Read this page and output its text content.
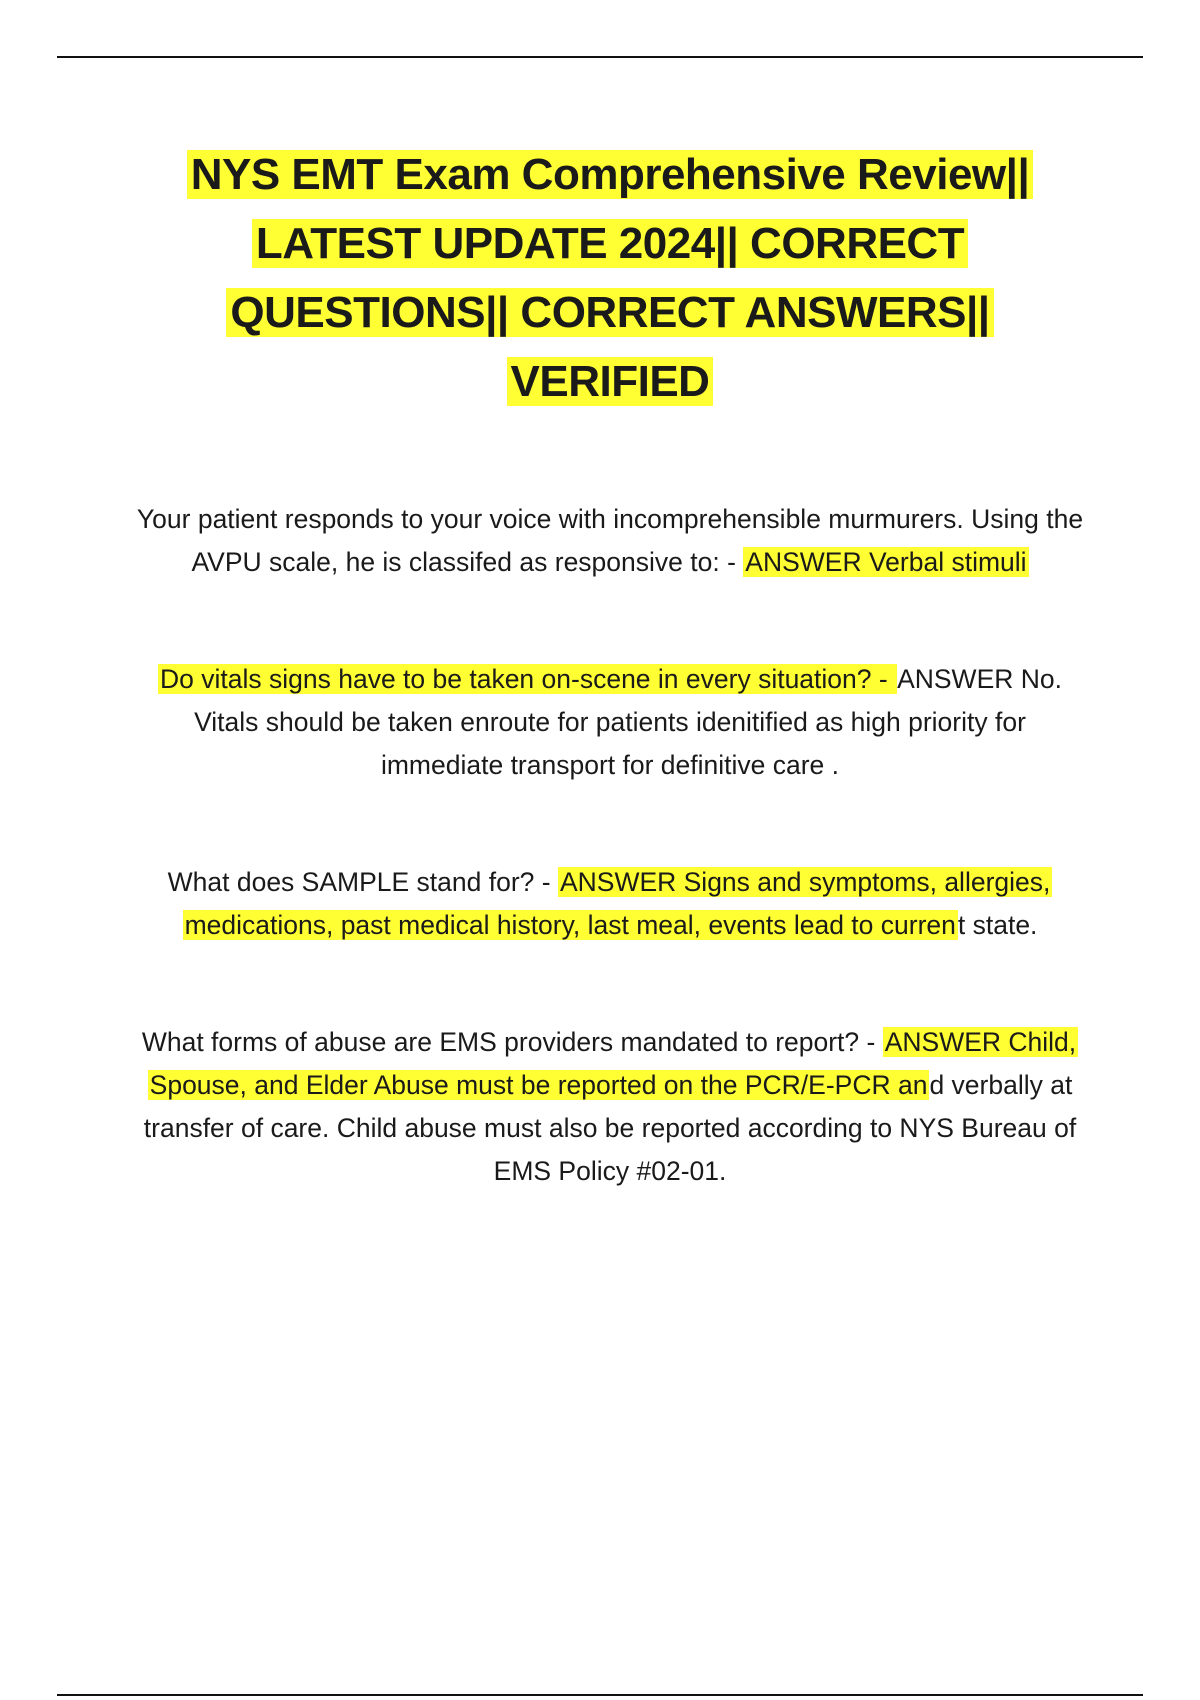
NYS EMT Exam Comprehensive Review|| LATEST UPDATE 2024|| CORRECT QUESTIONS|| CORRECT ANSWERS|| VERIFIED

Your patient responds to your voice with incomprehensible murmurers. Using the AVPU scale, he is classifed as responsive to: - ANSWER Verbal stimuli

Do vitals signs have to be taken on-scene in every situation? - ANSWER No. Vitals should be taken enroute for patients idenitified as high priority for immediate transport for definitive care .

What does SAMPLE stand for? - ANSWER Signs and symptoms, allergies, medications, past medical history, last meal, events lead to current state.

What forms of abuse are EMS providers mandated to report? - ANSWER Child, Spouse, and Elder Abuse must be reported on the PCR/E-PCR and verbally at transfer of care. Child abuse must also be reported according to NYS Bureau of EMS Policy #02-01.
